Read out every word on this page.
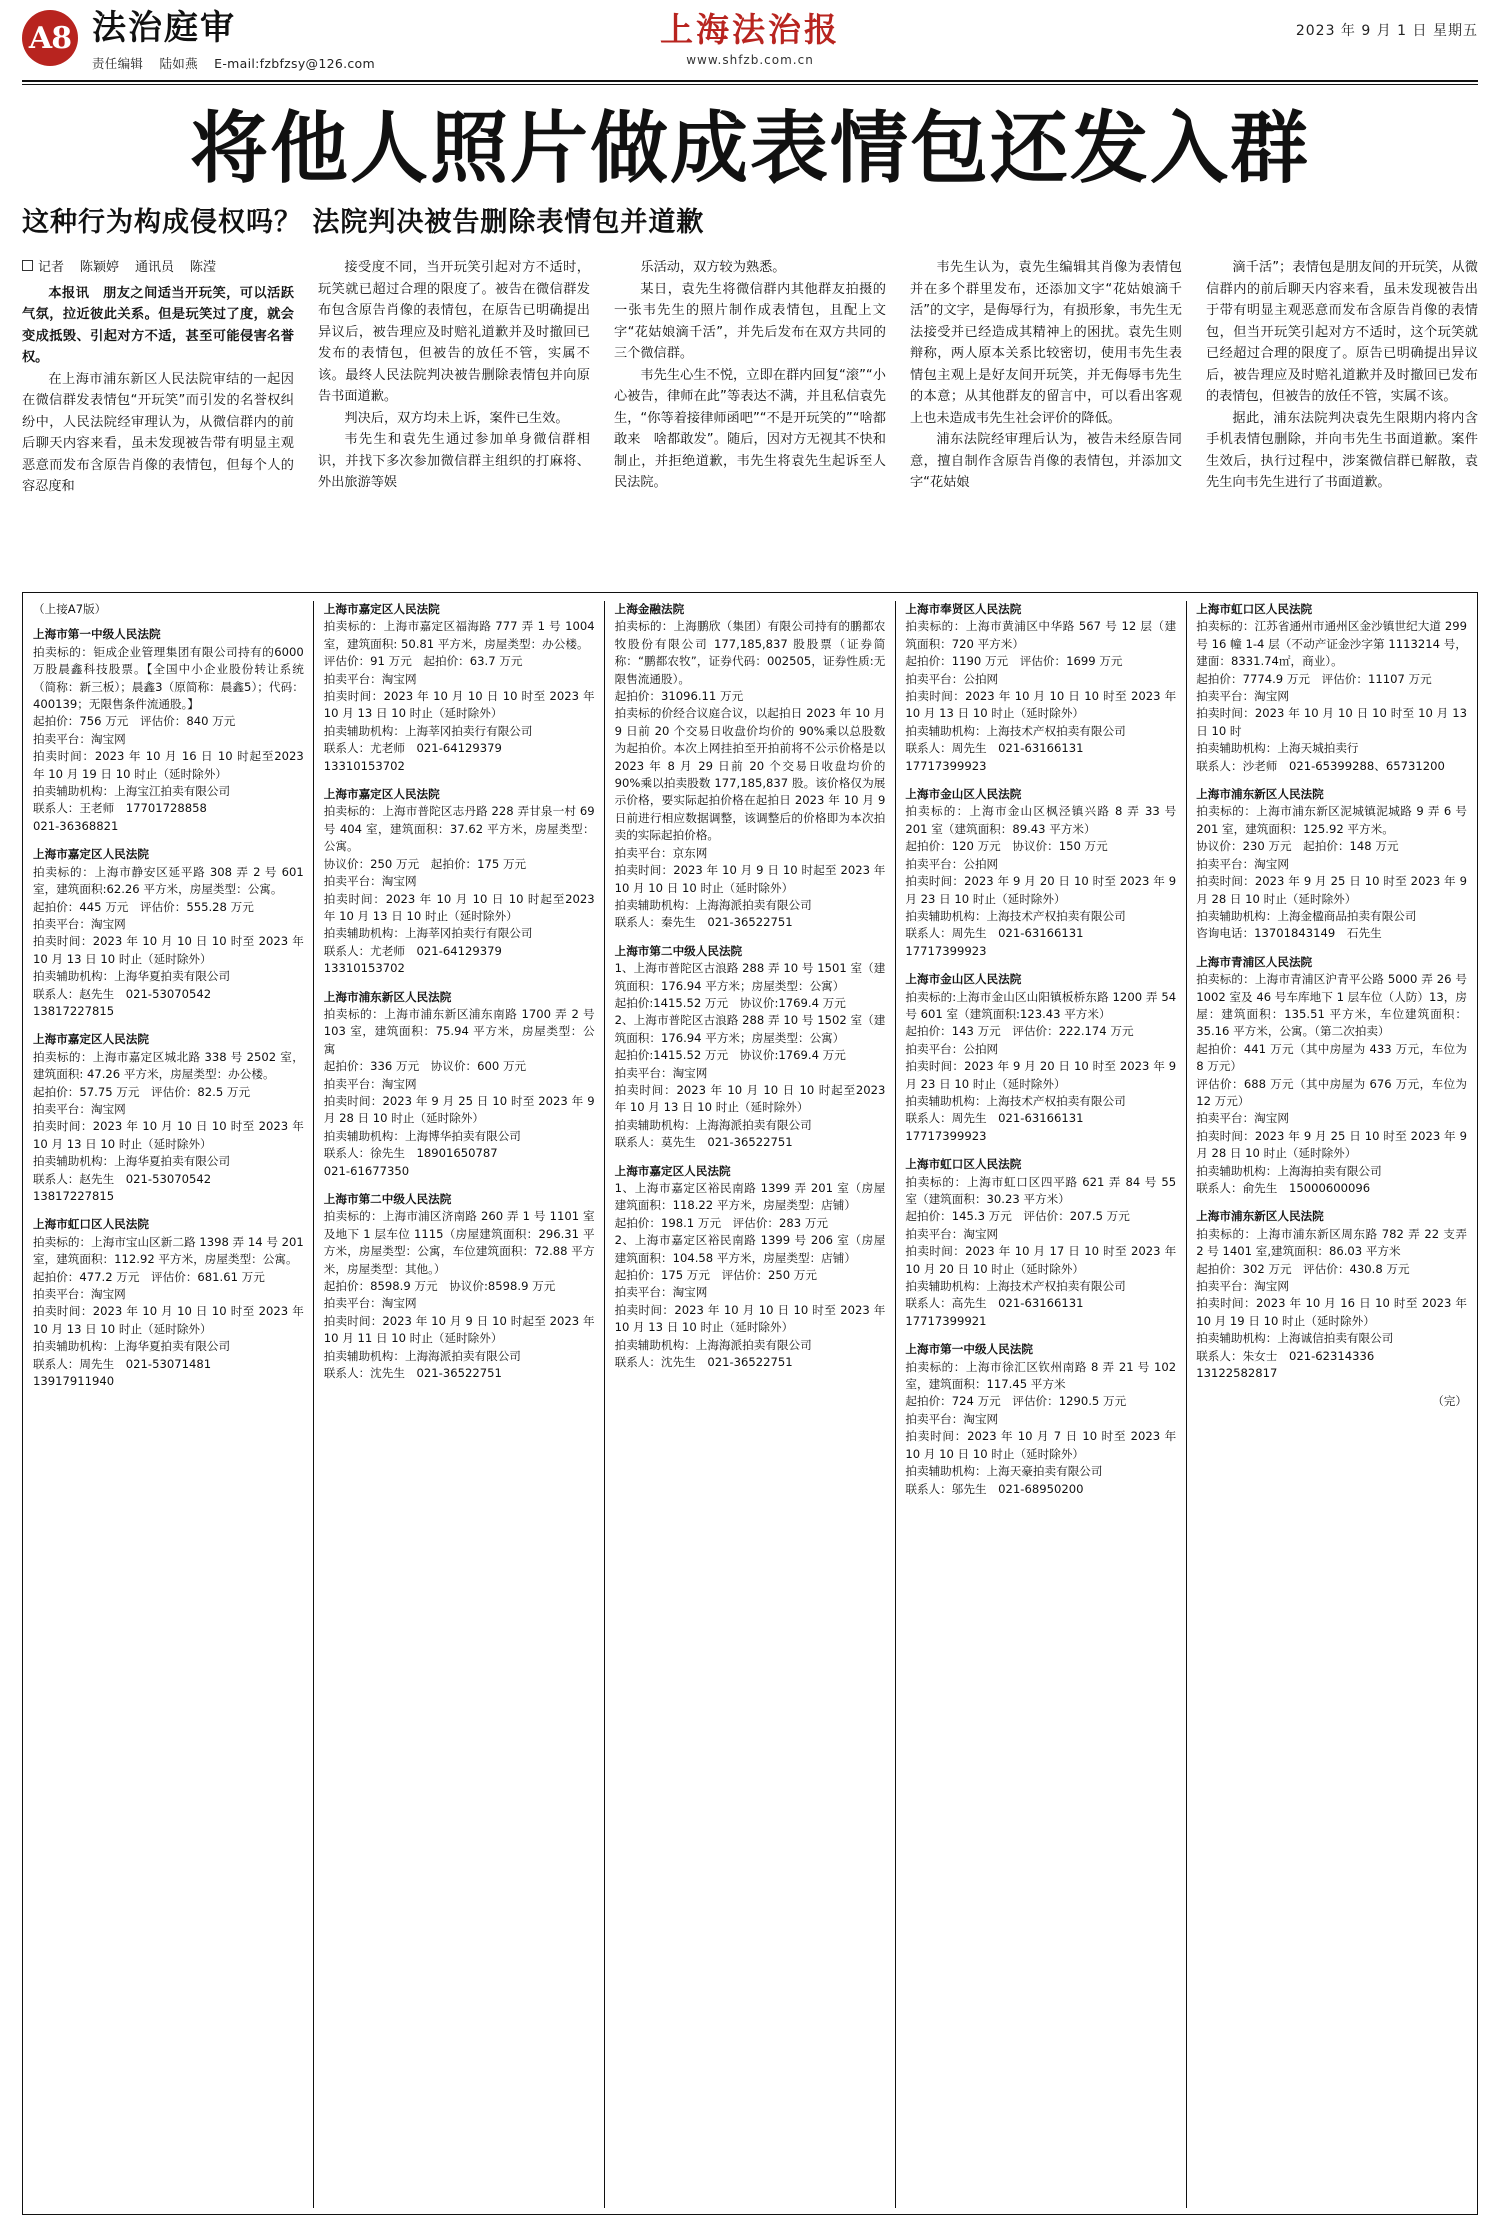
A8 法治庭审
责任编辑 陆如燕 E-mail:fzbfzsy@126.com
上海法治报
www.shfzb.com.cn
2023 年 9 月 1 日 星期五
将他人照片做成表情包还发入群
这种行为构成侵权吗？ 法院判决被告删除表情包并道歉

记者 陈颖婷 通讯员 陈滢

本报讯　朋友之间适当开玩笑，可以活跃气氛，拉近彼此关系。但是玩笑过了度，就会变成抵毁、引起对方不适，甚至可能侵害名誉权。

在上海市浦东新区人民法院审结的一起因在微信群发表情包“开玩笑”而引发的名誉权纠纷中，人民法院经审理认为，从微信群内的前后聊天内容来看，虽未发现被告带有明显主观恶意而发布含原告肖像的表情包，但每个人的容忍度和

接受度不同，当开玩笑引起对方不适时，玩笑就已超过合理的限度了。被告在微信群发布包含原告肖像的表情包，在原告已明确提出异议后，被告理应及时赔礼道歉并及时撤回已发布的表情包，但被告的放任不管，实属不该。最终人民法院判决被告删除表情包并向原告书面道歉。

判决后，双方均未上诉，案件已生效。

韦先生和袁先生通过参加单身微信群相识，并找下多次参加微信群主组织的打麻将、外出旅游等娱

乐活动，双方较为熟悉。

某日，袁先生将微信群内其他群友拍摄的一张韦先生的照片制作成表情包，且配上文字“花姑娘滴千活”，并先后发布在双方共同的三个微信群。

韦先生心生不悦，立即在群内回复“滚”“小心被告，律师在此”等表达不满，并且私信袁先生，“你等着接律师函吧”“不是开玩笑的”“啥都敢来　啥都敢发”。随后，因对方无视其不快和制止，并拒绝道歉，韦先生将袁先生起诉至人民法院。

韦先生认为，袁先生编辑其肖像为表情包并在多个群里发布，还添加文字“花姑娘滴千活”的文字，是侮辱行为，有损形象，韦先生无法接受并已经造成其精神上的困扰。袁先生则辩称，两人原本关系比较密切，使用韦先生表情包主观上是好友间开玩笑，并无侮辱韦先生的本意；从其他群友的留言中，可以看出客观上也未造成韦先生社会评价的降低。

浦东法院经审理后认为，被告未经原告同意，擅自制作含原告肖像的表情包，并添加文字“花姑娘

滴千活”；表情包是朋友间的开玩笑，从微信群内的前后聊天内容来看，虽未发现被告出于带有明显主观恶意而发布含原告肖像的表情包，但当开玩笑引起对方不适时，这个玩笑就已经超过合理的限度了。原告已明确提出异议后，被告理应及时赔礼道歉并及时撤回已发布的表情包，但被告的放任不管，实属不该。

据此，浦东法院判决袁先生限期内将内含手机表情包删除，并向韦先生书面道歉。案件生效后，执行过程中，涉案微信群已解散，袁先生向韦先生进行了书面道歉。

（上接A7版）
上海市第一中级人民法院

拍卖标的：钜成企业管理集团有限公司持有的6000万股晨鑫科技股票。【全国中小企业股份转让系统（简称：新三板）；晨鑫3（原简称：晨鑫5）；代码：400139；无限售条件流通股。】

起拍价：756 万元　评估价：840 万元

拍卖平台：淘宝网

拍卖时间：2023 年 10 月 16 日 10 时起至2023 年 10 月 19 日 10 时止（延时除外）

拍卖辅助机构：上海宝江拍卖有限公司

联系人：王老师　17701728858

021-36368821

上海市嘉定区人民法院

拍卖标的：上海市静安区延平路 308 弄 2 号 601 室，建筑面积:62.26 平方米，房屋类型：公寓。

起拍价：445 万元　评估价：555.28 万元

拍卖平台：淘宝网

拍卖时间：2023 年 10 月 10 日 10 时至 2023 年 10 月 13 日 10 时止（延时除外）

拍卖辅助机构：上海华夏拍卖有限公司

联系人：赵先生　021-53070542

13817227815

上海市嘉定区人民法院

拍卖标的：上海市嘉定区城北路 338 号 2502 室，建筑面积: 47.26 平方米，房屋类型：办公楼。

起拍价：57.75 万元　评估价：82.5 万元

拍卖平台：淘宝网

拍卖时间：2023 年 10 月 10 日 10 时至 2023 年 10 月 13 日 10 时止（延时除外）

拍卖辅助机构：上海华夏拍卖有限公司

联系人：赵先生　021-53070542

13817227815

上海市虹口区人民法院

拍卖标的：上海市宝山区新二路 1398 弄 14 号 201 室，建筑面积：112.92 平方米，房屋类型：公寓。

起拍价：477.2 万元　评估价：681.61 万元

拍卖平台：淘宝网

拍卖时间：2023 年 10 月 10 日 10 时至 2023 年 10 月 13 日 10 时止（延时除外）

拍卖辅助机构：上海华夏拍卖有限公司

联系人：周先生　021-53071481

13917911940

上海市嘉定区人民法院

拍卖标的：上海市嘉定区福海路 777 弄 1 号 1004 室，建筑面积: 50.81 平方米，房屋类型：办公楼。

评估价：91 万元　起拍价：63.7 万元

拍卖平台：淘宝网

拍卖时间：2023 年 10 月 10 日 10 时至 2023 年 10 月 13 日 10 时止（延时除外）

拍卖辅助机构：上海莘冈拍卖行有限公司

联系人：尤老师　021-64129379

13310153702

上海市嘉定区人民法院

拍卖标的：上海市普陀区志丹路 228 弄甘泉一村 69 号 404 室，建筑面积：37.62 平方米，房屋类型：公寓。

协议价：250 万元　起拍价：175 万元

拍卖平台：淘宝网

拍卖时间：2023 年 10 月 10 日 10 时起至2023 年 10 月 13 日 10 时止（延时除外）

拍卖辅助机构：上海莘冈拍卖行有限公司

联系人：尤老师　021-64129379

13310153702

上海市浦东新区人民法院

拍卖标的：上海市浦东新区浦东南路 1700 弄 2 号 103 室，建筑面积：75.94 平方米，房屋类型：公寓

起拍价：336 万元　协议价：600 万元

拍卖平台：淘宝网

拍卖时间：2023 年 9 月 25 日 10 时至 2023 年 9 月 28 日 10 时止（延时除外）

拍卖辅助机构：上海博华拍卖有限公司

联系人：徐先生　18901650787

021-61677350

上海市第二中级人民法院

拍卖标的：上海市浦区济南路 260 弄 1 号 1101 室及地下 1 层车位 1115（房屋建筑面积：296.31 平方米，房屋类型：公寓，车位建筑面积：72.88 平方米，房屋类型：其他。）

起拍价：8598.9 万元　协议价:8598.9 万元

拍卖平台：淘宝网

拍卖时间：2023 年 10 月 9 日 10 时起至 2023 年 10 月 11 日 10 时止（延时除外）

拍卖辅助机构：上海海派拍卖有限公司

联系人：沈先生　021-36522751

上海金融法院

拍卖标的：上海鹏欣（集团）有限公司持有的鹏都农牧股份有限公司 177,185,837 股股票（证券简称：“鹏都农牧”，证券代码：002505，证券性质:无限售流通股）。

起拍价：31096.11 万元

拍卖标的价经合议庭合议，以起拍日 2023 年 10 月 9 日前 20 个交易日收盘价均价的 90%乘以总股数为起拍价。本次上网挂拍至开拍前将不公示价格是以 2023 年 8 月 29 日前 20 个交易日收盘均价的 90%乘以拍卖股数 177,185,837 股。该价格仅为展示价格，要实际起拍价格在起拍日 2023 年 10 月 9 日前进行相应数据调整，该调整后的价格即为本次拍卖的实际起拍价格。

拍卖平台：京东网

拍卖时间：2023 年 10 月 9 日 10 时起至 2023 年 10 月 10 日 10 时止（延时除外）

拍卖辅助机构：上海海派拍卖有限公司

联系人：秦先生　021-36522751

上海市第二中级人民法院

1、上海市普陀区古浪路 288 弄 10 号 1501 室（建筑面积：176.94 平方米；房屋类型：公寓）

起拍价:1415.52 万元　协议价:1769.4 万元

2、上海市普陀区古浪路 288 弄 10 号 1502 室（建筑面积：176.94 平方米；房屋类型：公寓）

起拍价:1415.52 万元　协议价:1769.4 万元

拍卖平台：淘宝网

拍卖时间：2023 年 10 月 10 日 10 时起至2023 年 10 月 13 日 10 时止（延时除外）

拍卖辅助机构：上海海派拍卖有限公司

联系人：莫先生　021-36522751

上海市嘉定区人民法院

1、上海市嘉定区裕民南路 1399 弄 201 室（房屋建筑面积：118.22 平方米，房屋类型：店铺）

起拍价：198.1 万元　评估价：283 万元

2、上海市嘉定区裕民南路 1399 号 206 室（房屋建筑面积：104.58 平方米，房屋类型：店铺）

起拍价：175 万元　评估价：250 万元

拍卖平台：淘宝网

拍卖时间：2023 年 10 月 10 日 10 时至 2023 年 10 月 13 日 10 时止（延时除外）

拍卖辅助机构：上海海派拍卖有限公司

联系人：沈先生　021-36522751

上海市奉贤区人民法院

拍卖标的：上海市黄浦区中华路 567 号 12 层（建筑面积：720 平方米）

起拍价：1190 万元　评估价：1699 万元

拍卖平台：公拍网

拍卖时间：2023 年 10 月 10 日 10 时至 2023 年 10 月 13 日 10 时止（延时除外）

拍卖辅助机构：上海技术产权拍卖有限公司

联系人：周先生　021-63166131

17717399923

上海市金山区人民法院

拍卖标的：上海市金山区枫泾镇兴路 8 弄 33 号 201 室（建筑面积：89.43 平方米）

起拍价：120 万元　协议价：150 万元

拍卖平台：公拍网

拍卖时间：2023 年 9 月 20 日 10 时至 2023 年 9 月 23 日 10 时止（延时除外）

拍卖辅助机构：上海技术产权拍卖有限公司

联系人：周先生　021-63166131

17717399923

上海市金山区人民法院

拍卖标的:上海市金山区山阳镇板桥东路 1200 弄 54 号 601 室（建筑面积:123.43 平方米）

起拍价：143 万元　评估价：222.174 万元

拍卖平台：公拍网

拍卖时间：2023 年 9 月 20 日 10 时至 2023 年 9 月 23 日 10 时止（延时除外）

拍卖辅助机构：上海技术产权拍卖有限公司

联系人：周先生　021-63166131

17717399923

上海市虹口区人民法院

拍卖标的：上海市虹口区四平路 621 弄 84 号 55 室（建筑面积：30.23 平方米）

起拍价：145.3 万元　评估价：207.5 万元

拍卖平台：淘宝网

拍卖时间：2023 年 10 月 17 日 10 时至 2023 年 10 月 20 日 10 时止（延时除外）

拍卖辅助机构：上海技术产权拍卖有限公司

联系人：高先生　021-63166131

17717399921

上海市第一中级人民法院

拍卖标的：上海市徐汇区钦州南路 8 弄 21 号 102 室，建筑面积：117.45 平方米

起拍价：724 万元　评估价：1290.5 万元

拍卖平台：淘宝网

拍卖时间：2023 年 10 月 7 日 10 时至 2023 年 10 月 10 日 10 时止（延时除外）

拍卖辅助机构：上海天豪拍卖有限公司

联系人：邬先生　021-68950200

上海市虹口区人民法院

拍卖标的：江苏省通州市通州区金沙镇世纪大道 299 号 16 幢 1-4 层（不动产证金沙字第 1113214 号，建面：8331.74㎡，商业）。

起拍价：7774.9 万元　评估价：11107 万元

拍卖平台：淘宝网

拍卖时间：2023 年 10 月 10 日 10 时至 10 月 13 日 10 时

拍卖辅助机构：上海天城拍卖行

联系人：沙老师　021-65399288、65731200

上海市浦东新区人民法院

拍卖标的：上海市浦东新区泥城镇泥城路 9 弄 6 号 201 室，建筑面积：125.92 平方米。

协议价：230 万元　起拍价：148 万元

拍卖平台：淘宝网

拍卖时间：2023 年 9 月 25 日 10 时至 2023 年 9 月 28 日 10 时止（延时除外）

拍卖辅助机构：上海金楹商品拍卖有限公司

咨询电话：13701843149　石先生

上海市青浦区人民法院

拍卖标的：上海市青浦区沪青平公路 5000 弄 26 号 1002 室及 46 号车库地下 1 层车位（人防）13，房屋：建筑面积：135.51 平方米，车位建筑面积：35.16 平方米，公寓。（第二次拍卖）

起拍价：441 万元（其中房屋为 433 万元，车位为 8 万元）

评估价：688 万元（其中房屋为 676 万元，车位为 12 万元）

拍卖平台：淘宝网

拍卖时间：2023 年 9 月 25 日 10 时至 2023 年 9 月 28 日 10 时止（延时除外）

拍卖辅助机构：上海海拍卖有限公司

联系人：俞先生　15000600096

上海市浦东新区人民法院

拍卖标的：上海市浦东新区周东路 782 弄 22 支弄 2 号 1401 室,建筑面积：86.03 平方米

起拍价：302 万元　评估价：430.8 万元

拍卖平台：淘宝网

拍卖时间：2023 年 10 月 16 日 10 时至 2023 年 10 月 19 日 10 时止（延时除外）

拍卖辅助机构：上海诚信拍卖有限公司

联系人：朱女士　021-62314336

13122582817

（完）
